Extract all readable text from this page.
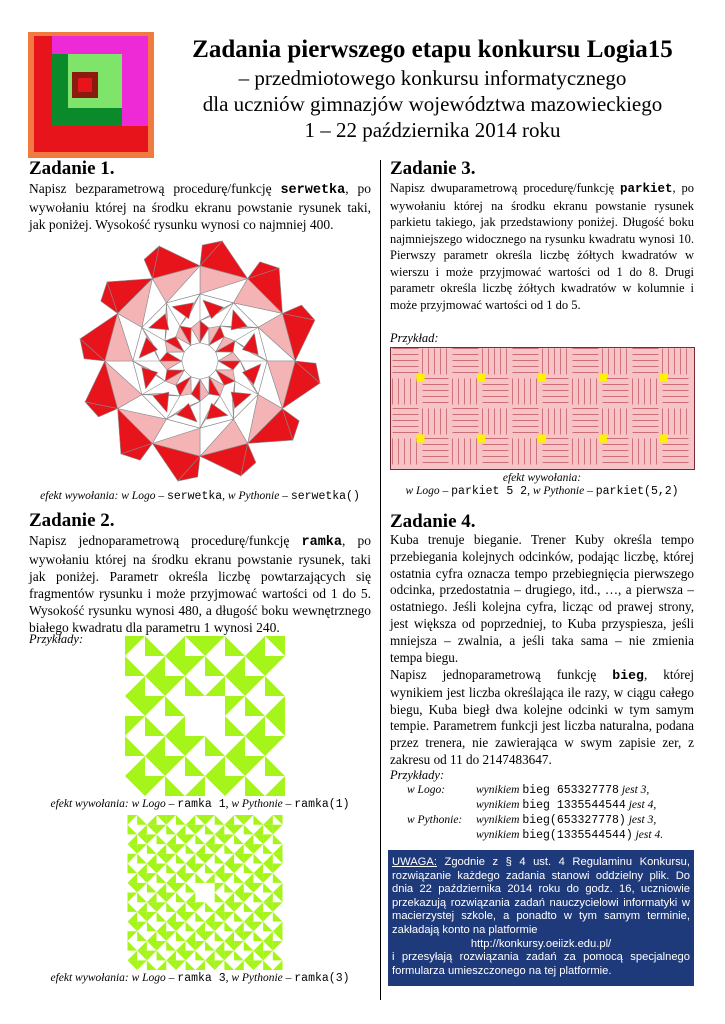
Zadania pierwszego etapu konkursu Logia15
– przedmiotowego konkursu informatycznego
dla uczniów gimnazjów województwa mazowieckiego
1 – 22 października 2014 roku
Zadanie 1.
Napisz bezparametrową procedurę/funkcję serwetka, po wywołaniu której na środku ekranu powstanie rysunek taki, jak poniżej. Wysokość rysunku wynosi co najmniej 400.
efekt wywołania: w Logo – serwetka, w Pythonie – serwetka()
Zadanie 2.
Napisz jednoparametrową procedurę/funkcję ramka, po wywołaniu której na środku ekranu powstanie rysunek, taki jak poniżej. Parametr określa liczbę powtarzających się fragmentów rysunku i może przyjmować wartości od 1 do 5. Wysokość rysunku wynosi 480, a długość boku wewnętrznego białego kwadratu dla parametru 1 wynosi 240.
Przykłady:
efekt wywołania: w Logo – ramka 1, w Pythonie – ramka(1)
efekt wywołania: w Logo – ramka 3, w Pythonie – ramka(3)
Zadanie 3.
Napisz dwuparametrową procedurę/funkcję parkiet, po wywołaniu której na środku ekranu powstanie rysunek parkietu takiego, jak przedstawiony poniżej. Długość boku najmniejszego widocznego na rysunku kwadratu wynosi 10. Pierwszy parametr określa liczbę żółtych kwadratów w wierszu i może przyjmować wartości od 1 do 8. Drugi parametr określa liczbę żółtych kwadratów w kolumnie i może przyjmować wartości od 1 do 5.
Przykład:
efekt wywołania:
w Logo – parkiet 5 2, w Pythonie – parkiet(5,2)
Zadanie 4.
Kuba trenuje bieganie. Trener Kuby określa tempo przebiegania kolejnych odcinków, podając liczbę, której ostatnia cyfra oznacza tempo przebiegnięcia pierwszego odcinka, przedostatnia – drugiego, itd., …, a pierwsza – ostatniego. Jeśli kolejna cyfra, licząc od prawej strony, jest większa od poprzedniej, to Kuba przyspiesza, jeśli mniejsza – zwalnia, a jeśli taka sama – nie zmienia tempa biegu.
Napisz jednoparametrową funkcję bieg, której wynikiem jest liczba określająca ile razy, w ciągu całego biegu, Kuba biegł dwa kolejne odcinki w tym samym tempie. Parametrem funkcji jest liczba naturalna, podana przez trenera, nie zawierająca w swym zapisie zer, z zakresu od 11 do 2147483647.
Przykłady:
w Logo:
w Pythonie:
wynikiem bieg 653327778 jest 3,
wynikiem bieg 1335544544 jest 4,
wynikiem bieg(653327778) jest 3,
wynikiem bieg(1335544544) jest 4.
UWAGA: Zgodnie z § 4 ust. 4 Regulaminu Konkursu, rozwiązanie każdego zadania stanowi oddzielny plik. Do dnia 22 października 2014 roku do godz. 16, uczniowie przekazują rozwiązania zadań nauczycielowi informatyki w macierzystej szkole, a ponadto w tym samym terminie, zakładają konto na platformie
http://konkursy.oeiizk.edu.pl/
i przesyłają rozwiązania zadań za pomocą specjalnego formularza umieszczonego na tej platformie.
